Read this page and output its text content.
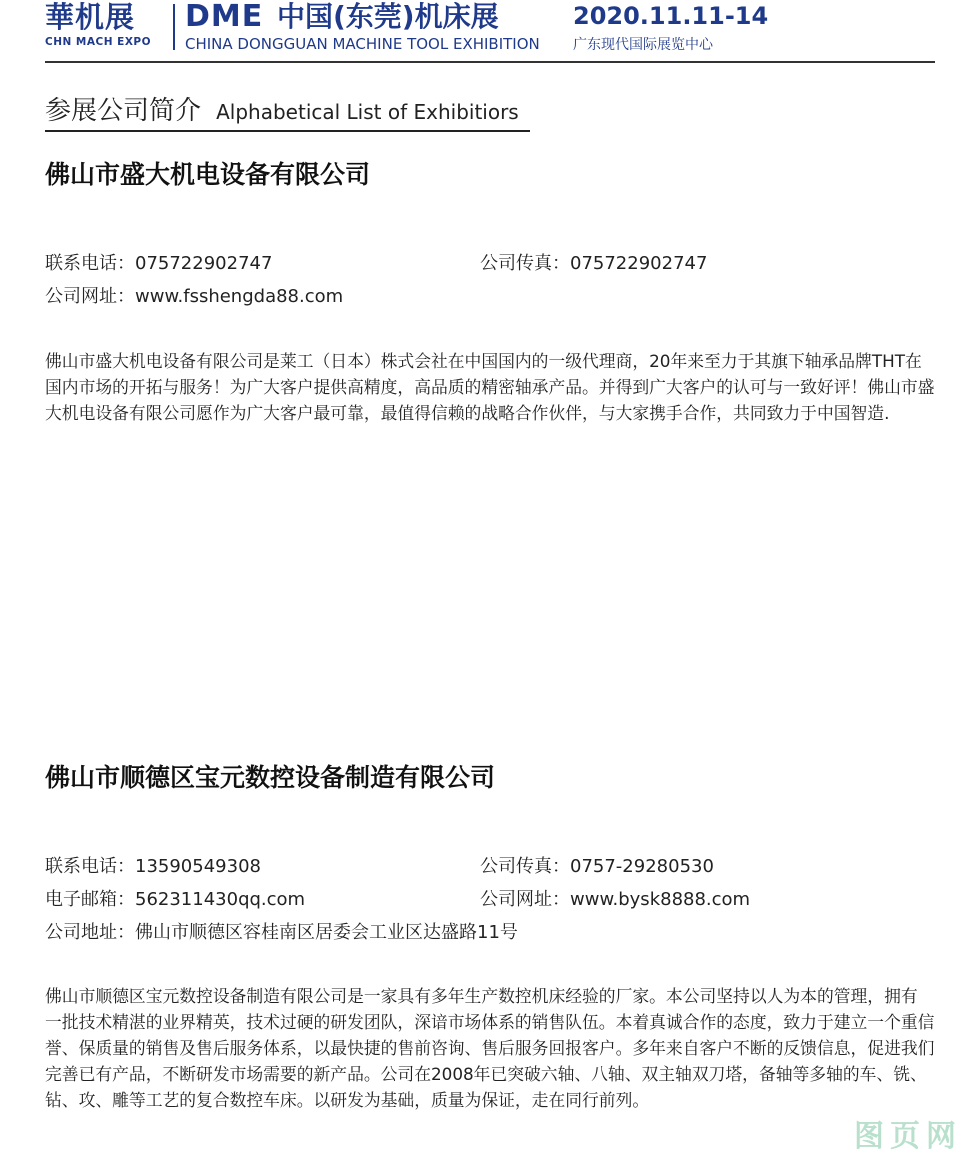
華机展
CHN MACH EXPO
DME 中国(东莞)机床展	2020.11.11-14
CHINA DONGGUAN MACHINE TOOL EXHIBITION 广东现代国际展览中心
参展公司简介 Alphabetical List of Exhibitiors
佛山市盛大机电设备有限公司
联系电话：075722902747	公司传真：075722902747
公司网址：www.fsshengda88.com
佛山市盛大机电设备有限公司是莱工（日本）株式会社在中国国内的一级代理商，20年来至力于其旗下轴承品牌THT在国内市场的开拓与服务！为广大客户提供高精度，高品质的精密轴承产品。并得到广大客户的认可与一致好评！佛山市盛大机电设备有限公司愿作为广大客户最可靠，最值得信赖的战略合作伙伴，与大家携手合作，共同致力于中国智造.
佛山市顺德区宝元数控设备制造有限公司
联系电话：13590549308	公司传真：0757-29280530
电子邮箱：562311430qq.com	公司网址：www.bysk8888.com
公司地址：佛山市顺德区容桂南区居委会工业区达盛路11号
佛山市顺德区宝元数控设备制造有限公司是一家具有多年生产数控机床经验的厂家。本公司坚持以人为本的管理，拥有 一批技术精湛的业界精英，技术过硬的研发团队，深谙市场体系的销售队伍。本着真诚合作的态度，致力于建立一个重信誉、保质量的销售及售后服务体系，以最快捷的售前咨询、售后服务回报客户。多年来自客户不断的反馈信息，促进我们完善已有产品，不断研发市场需要的新产品。公司在2008年已突破六轴、八轴、双主轴双刀塔，备轴等多轴的车、铣、钻、攻、雕等工艺的复合数控车床。以研发为基础，质量为保证，走在同行前列。
图页网
